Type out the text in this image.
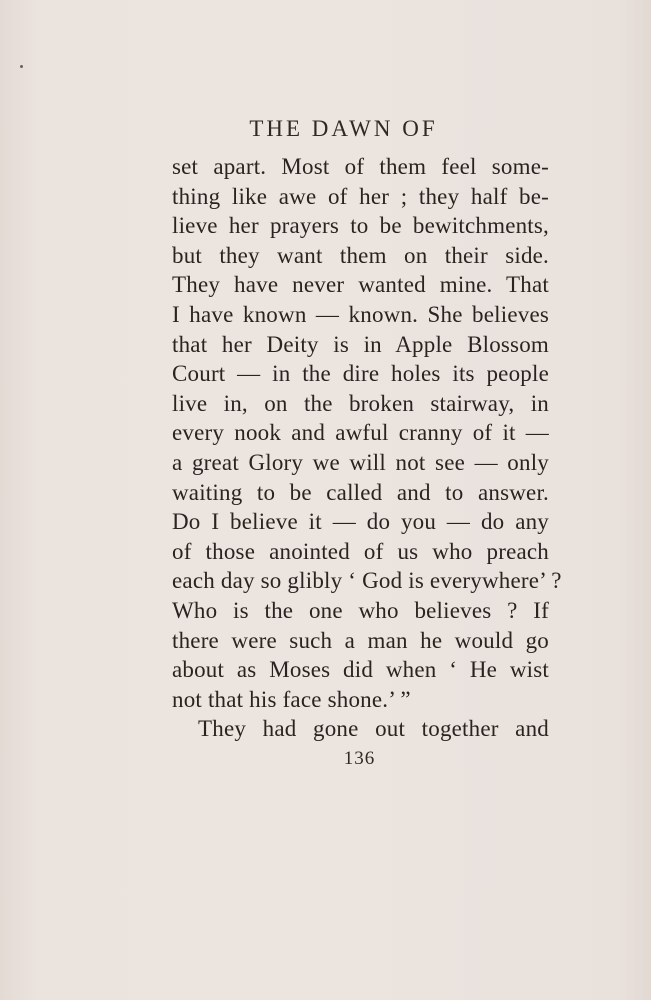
THE DAWN OF
set apart. Most of them feel some-
thing like awe of her ; they half be-
lieve her prayers to be bewitchments,
but they want them on their side.
They have never wanted mine. That
I have known — known. She believes
that her Deity is in Apple Blossom
Court — in the dire holes its people
live in, on the broken stairway, in
every nook and awful cranny of it —
a great Glory we will not see — only
waiting to be called and to answer.
Do I believe it — do you — do any
of those anointed of us who preach
each day so glibly ‘ God is everywhere’ ?
Who is the one who believes ? If
there were such a man he would go
about as Moses did when ‘ He wist
not that his face shone.’ ”
They had gone out together and
136
